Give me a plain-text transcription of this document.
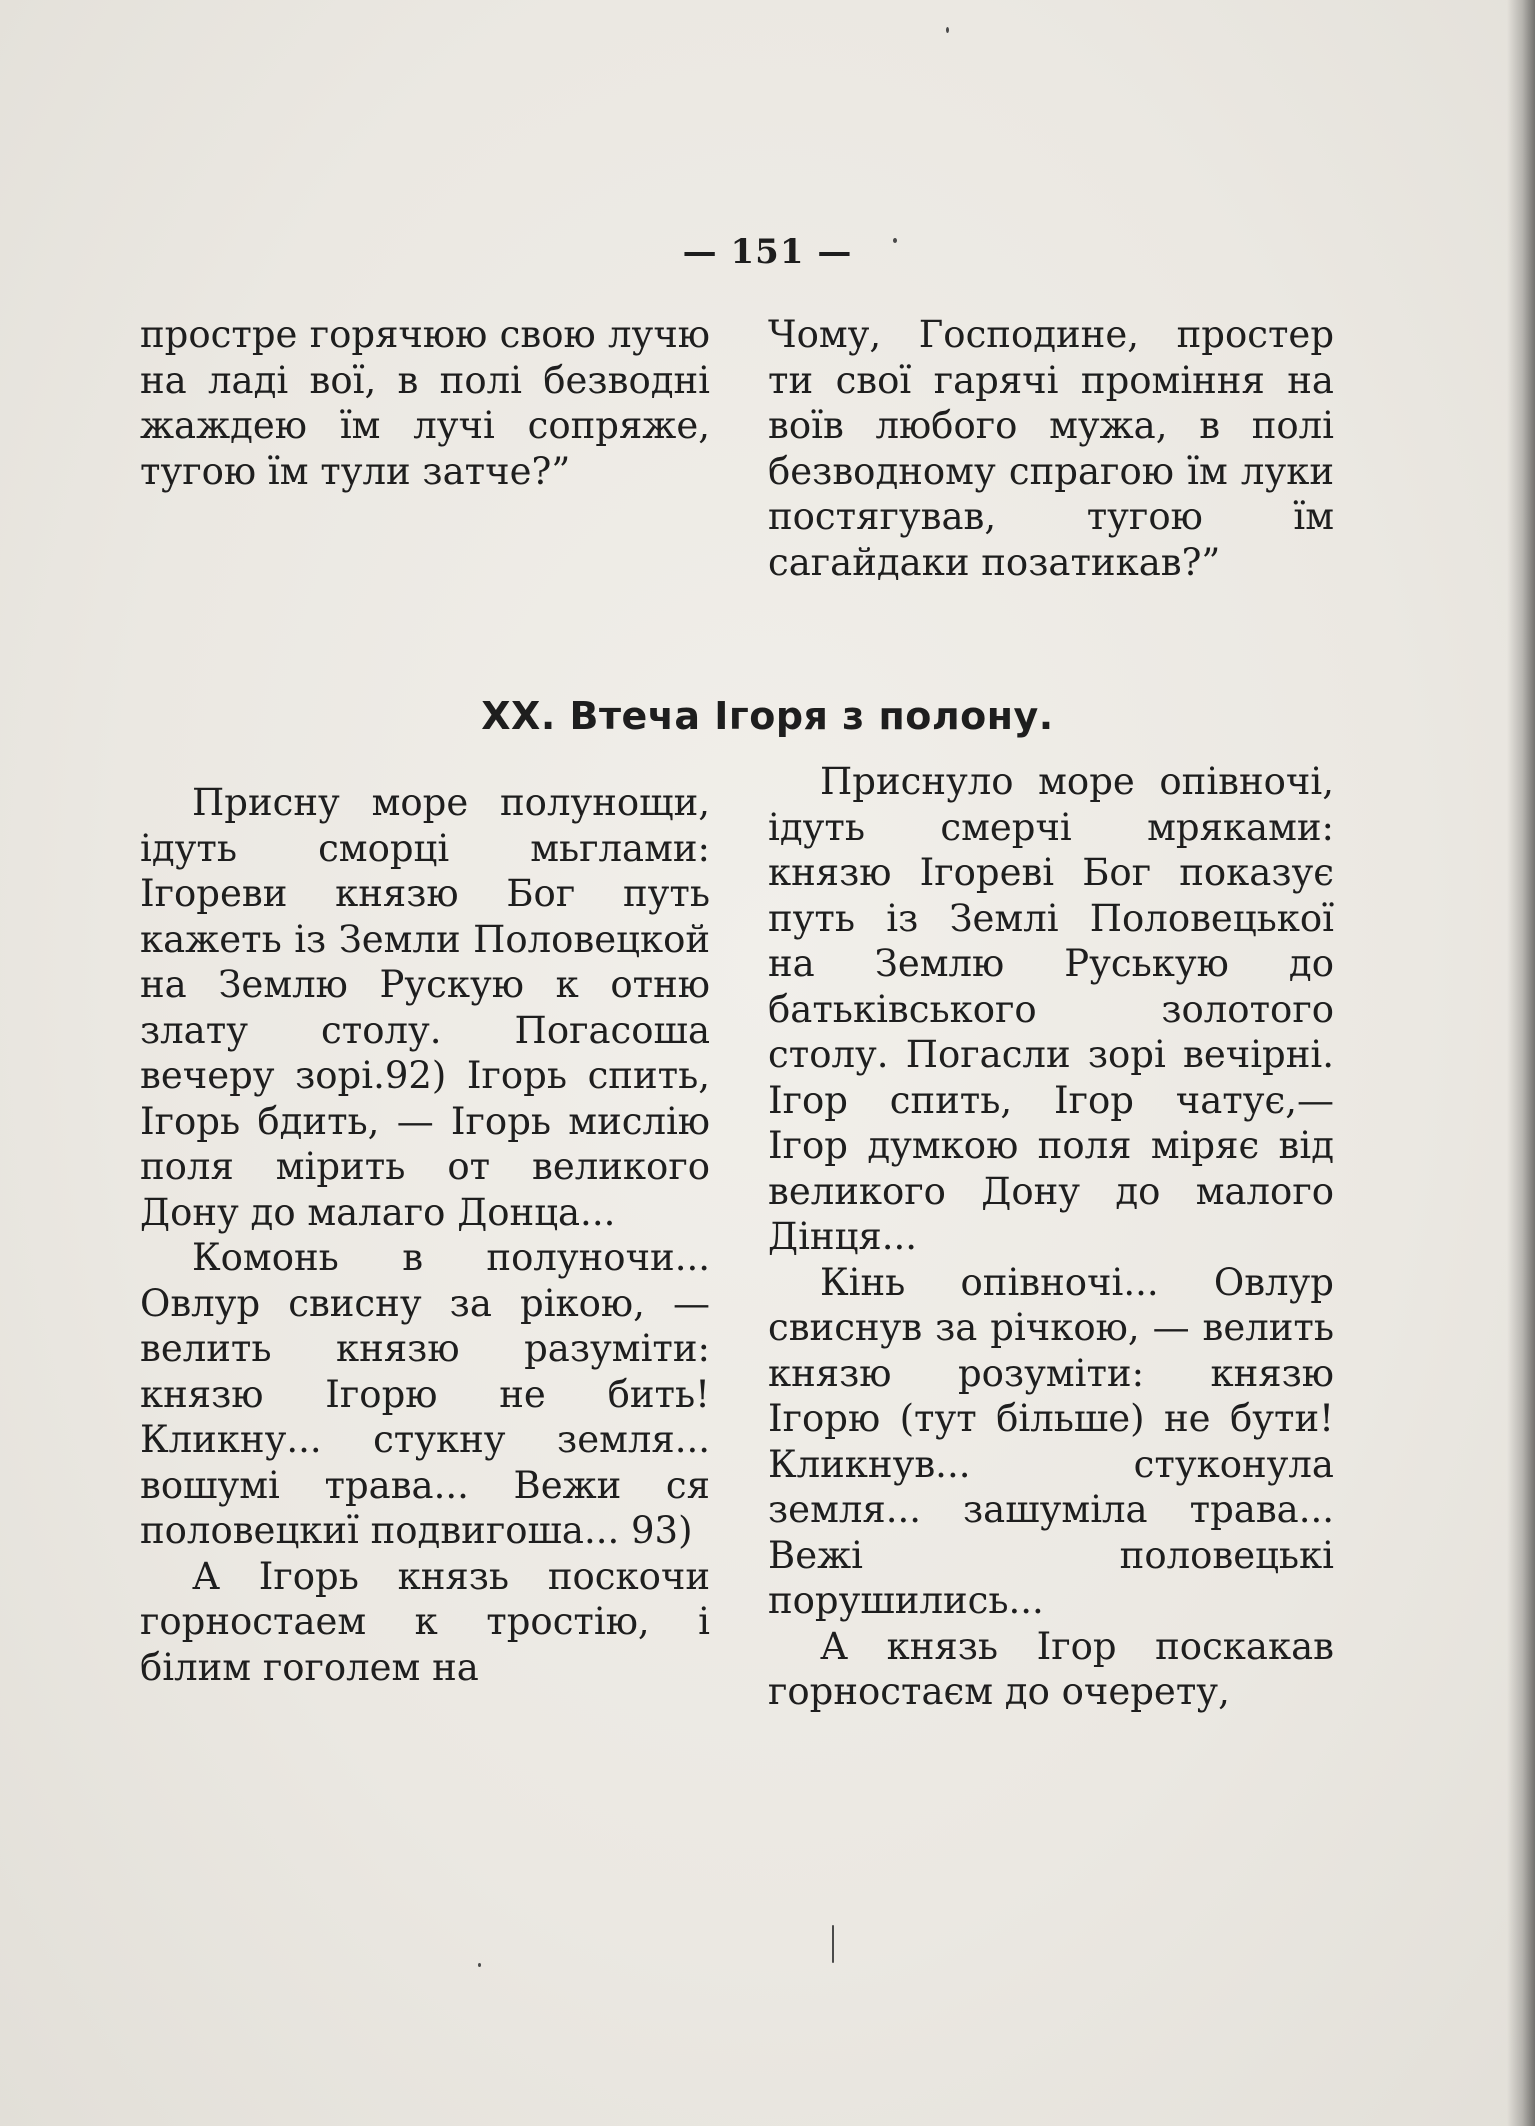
— 151 —

простре горячюю свою лучю на ладі вої, в полі безводні жаждею їм лучі сопряже, тугою їм тули затче?”

Чому, Господине, простер ти свої гарячі проміння на воїв любого мужа, в полі безводному спрагою їм луки постягував, тугою їм сагайдаки позатикав?”

ХХ. Втеча Ігоря з полону.

Присну море полунощи, ідуть сморці мьглами: Ігореви князю Бог путь кажеть із Земли Половецкой на Землю Рускую к отню злату столу. Погасоша вечеру зорі.92) Ігорь спить, Ігорь бдить, — Ігорь мислію поля мірить от великого Дону до малаго Донца...

Комонь в полуночи... Овлур свисну за рікою, — велить князю разуміти: князю Ігорю не бить! Кликну... стукну земля... вошумі трава... Вежи ся половецкиї подвигоша... 93)

А Ігорь князь поскочи горностаем к тростію, і білим гоголем на

Приснуло море опівночі, ідуть смерчі мряками: князю Ігореві Бог показує путь із Землі Половецької на Землю Руськую до батьківського золотого столу. Погасли зорі вечірні. Ігор спить, Ігор чатує,— Ігор думкою поля міряє від великого Дону до малого Дінця...

Кінь опівночі... Овлур свиснув за річкою, — велить князю розуміти: князю Ігорю (тут більше) не бути! Кликнув... стуконула земля... зашуміла трава... Вежі половецькі порушились...

А князь Ігор поскакав горностаєм до очерету,
